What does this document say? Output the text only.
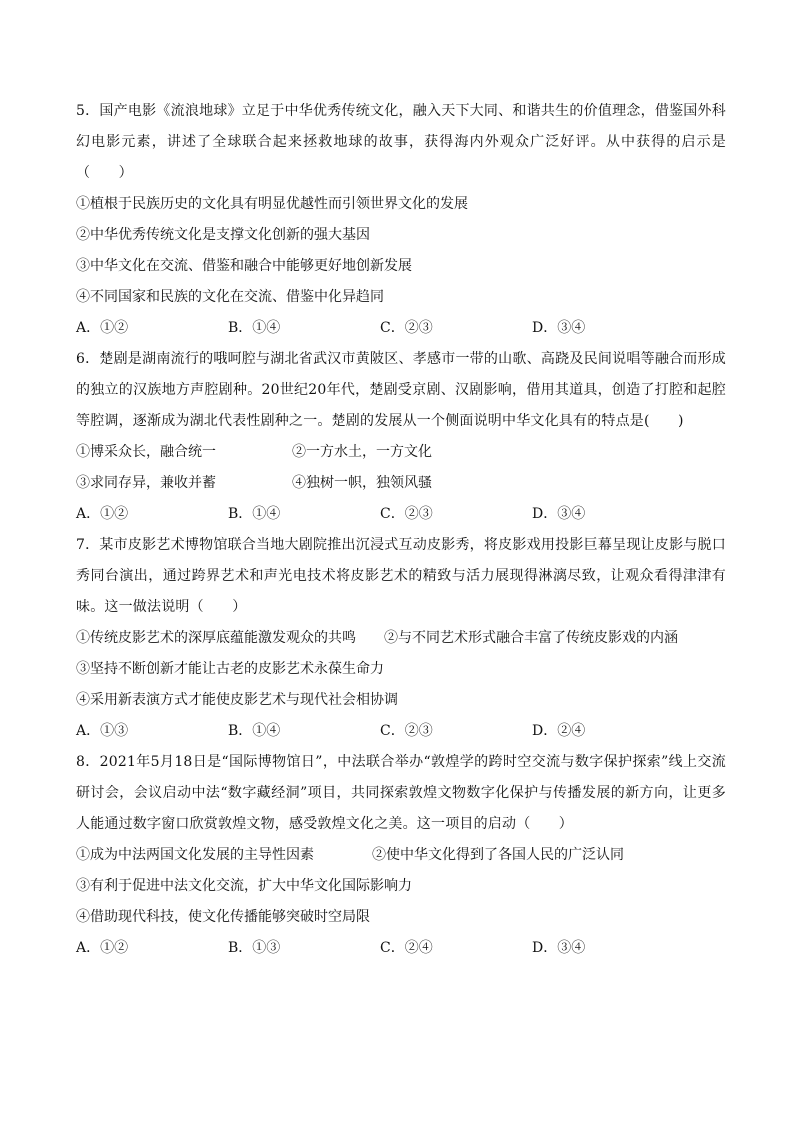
5．国产电影《流浪地球》立足于中华优秀传统文化，融入天下大同、和谐共生的价值理念，借鉴国外科幻电影元素，讲述了全球联合起来拯救地球的故事，获得海内外观众广泛好评。从中获得的启示是（　　）

①植根于民族历史的文化具有明显优越性而引领世界文化的发展

②中华优秀传统文化是支撑文化创新的强大基因

③中华文化在交流、借鉴和融合中能够更好地创新发展

④不同国家和民族的文化在交流、借鉴中化异趋同

A．①②	B．①④	C．②③	D．③④

6．楚剧是湖南流行的哦呵腔与湖北省武汉市黄陂区、孝感市一带的山歌、高跷及民间说唱等融合而形成的独立的汉族地方声腔剧种。20世纪20年代，楚剧受京剧、汉剧影响，借用其道具，创造了打腔和起腔等腔调，逐渐成为湖北代表性剧种之一。楚剧的发展从一个侧面说明中华文化具有的特点是(　　)

①博采众长，融合统一	②一方水土，一方文化
③求同存异，兼收并蓄	④独树一帜，独领风骚
A．①②	B．①④	C．②③	D．③④

7．某市皮影艺术博物馆联合当地大剧院推出沉浸式互动皮影秀，将皮影戏用投影巨幕呈现让皮影与脱口秀同台演出，通过跨界艺术和声光电技术将皮影艺术的精致与活力展现得淋漓尽致，让观众看得津津有味。这一做法说明（　　）

①传统皮影艺术的深厚底蕴能激发观众的共鸣	②与不同艺术形式融合丰富了传统皮影戏的内涵

③坚持不断创新才能让古老的皮影艺术永葆生命力

④采用新表演方式才能使皮影艺术与现代社会相协调

A．①③	B．①④	C．②③	D．②④

8．2021年5月18日是“国际博物馆日”，中法联合举办“敦煌学的跨时空交流与数字保护探索”线上交流研讨会，会议启动中法“数字藏经洞”项目，共同探索敦煌文物数字化保护与传播发展的新方向，让更多人能通过数字窗口欣赏敦煌文物，感受敦煌文化之美。这一项目的启动（　　）

①成为中法两国文化发展的主导性因素	②使中华文化得到了各国人民的广泛认同

③有利于促进中法文化交流，扩大中华文化国际影响力

④借助现代科技，使文化传播能够突破时空局限

A．①②	B．①③	C．②④	D．③④
